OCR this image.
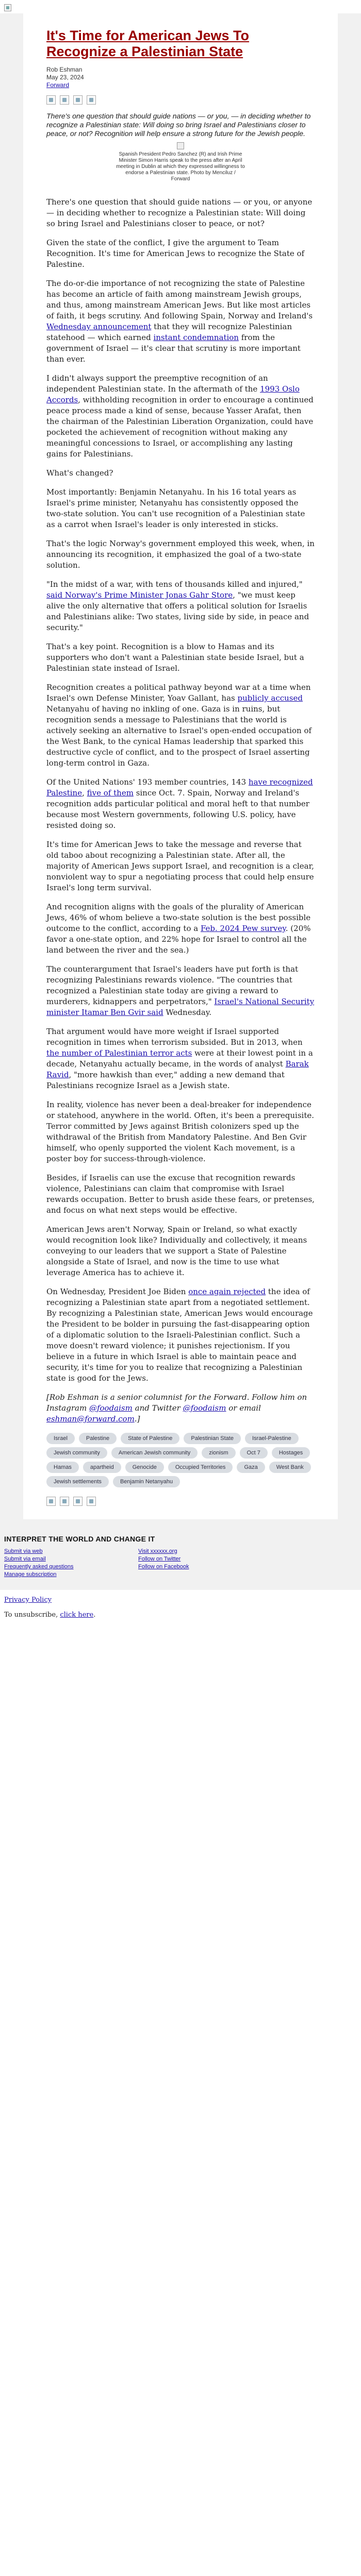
It's Time for American Jews To Recognize a Palestinian State
Rob Eshman
May 23, 2024
Forward

There's one question that should guide nations — or you, — in deciding whether to recognize a Palestinian state: Will doing so bring Israel and Palestinians closer to peace, or not? Recognition will help ensure a strong future for the Jewish people.

Spanish President Pedro Sanchez (R) and Irish Prime Minister Simon Harris speak to the press after an April meeting in Dublin at which they expressed willingness to endorse a Palestinian state. Photo by Menciluz / Forward

There's one question that should guide nations — or you, or anyone — in deciding whether to recognize a Palestinian state: Will doing so bring Israel and Palestinians closer to peace, or not?

Given the state of the conflict, I give the argument to Team Recognition. It's time for American Jews to recognize the State of Palestine.

The do-or-die importance of not recognizing the state of Palestine has become an article of faith among mainstream Jewish groups, and thus, among mainstream American Jews. But like most articles of faith, it begs scrutiny. And following Spain, Norway and Ireland's Wednesday announcement that they will recognize Palestinian statehood — which earned instant condemnation from the government of Israel — it's clear that scrutiny is more important than ever.

I didn't always support the preemptive recognition of an independent Palestinian state. In the aftermath of the 1993 Oslo Accords, withholding recognition in order to encourage a continued peace process made a kind of sense, because Yasser Arafat, then the chairman of the Palestinian Liberation Organization, could have pocketed the achievement of recognition without making any meaningful concessions to Israel, or accomplishing any lasting gains for Palestinians.

What's changed?

Most importantly: Benjamin Netanyahu. In his 16 total years as Israel's prime minister, Netanyahu has consistently opposed the two-state solution. You can't use recognition of a Palestinian state as a carrot when Israel's leader is only interested in sticks.

That's the logic Norway's government employed this week, when, in announcing its recognition, it emphasized the goal of a two-state solution.

"In the midst of a war, with tens of thousands killed and injured," said Norway's Prime Minister Jonas Gahr Store, "we must keep alive the only alternative that offers a political solution for Israelis and Palestinians alike: Two states, living side by side, in peace and security."

That's a key point. Recognition is a blow to Hamas and its supporters who don't want a Palestinian state beside Israel, but a Palestinian state instead of Israel.

Recognition creates a political pathway beyond war at a time when Israel's own Defense Minister, Yoav Gallant, has publicly accused Netanyahu of having no inkling of one. Gaza is in ruins, but recognition sends a message to Palestinians that the world is actively seeking an alternative to Israel's open-ended occupation of the West Bank, to the cynical Hamas leadership that sparked this destructive cycle of conflict, and to the prospect of Israel asserting long-term control in Gaza.

Of the United Nations' 193 member countries, 143 have recognized Palestine, five of them since Oct. 7. Spain, Norway and Ireland's recognition adds particular political and moral heft to that number because most Western governments, following U.S. policy, have resisted doing so.

It's time for American Jews to take the message and reverse that old taboo about recognizing a Palestinian state. After all, the majority of American Jews support Israel, and recognition is a clear, nonviolent way to spur a negotiating process that could help ensure Israel's long term survival.

And recognition aligns with the goals of the plurality of American Jews, 46% of whom believe a two-state solution is the best possible outcome to the conflict, according to a Feb. 2024 Pew survey. (20% favor a one-state option, and 22% hope for Israel to control all the land between the river and the sea.)

The counterargument that Israel's leaders have put forth is that recognizing Palestinians rewards violence. "The countries that recognized a Palestinian state today are giving a reward to murderers, kidnappers and perpetrators," Israel's National Security minister Itamar Ben Gvir said Wednesday.

That argument would have more weight if Israel supported recognition in times when terrorism subsided. But in 2013, when the number of Palestinian terror acts were at their lowest point in a decade, Netanyahu actually became, in the words of analyst Barak Ravid, "more hawkish than ever," adding a new demand that Palestinians recognize Israel as a Jewish state.

In reality, violence has never been a deal-breaker for independence or statehood, anywhere in the world. Often, it's been a prerequisite. Terror committed by Jews against British colonizers sped up the withdrawal of the British from Mandatory Palestine. And Ben Gvir himself, who openly supported the violent Kach movement, is a poster boy for success-through-violence.

Besides, if Israelis can use the excuse that recognition rewards violence, Palestinians can claim that compromise with Israel rewards occupation. Better to brush aside these fears, or pretenses, and focus on what next steps would be effective.

American Jews aren't Norway, Spain or Ireland, so what exactly would recognition look like? Individually and collectively, it means conveying to our leaders that we support a State of Palestine alongside a State of Israel, and now is the time to use what leverage America has to achieve it.

On Wednesday, President Joe Biden once again rejected the idea of recognizing a Palestinian state apart from a negotiated settlement. By recognizing a Palestinian state, American Jews would encourage the President to be bolder in pursuing the fast-disappearing option of a diplomatic solution to the Israeli-Palestinian conflict. Such a move doesn't reward violence; it punishes rejectionism. If you believe in a future in which Israel is able to maintain peace and security, it's time for you to realize that recognizing a Palestinian state is good for the Jews.

[Rob Eshman is a senior columnist for the Forward. Follow him on Instagram @foodaism and Twitter @foodaism or email eshman@forward.com.]

Israel	Palestine	State of Palestine	Palestinian State	Israel-Palestine
Jewish community	American Jewish community	zionism	Oct 7	Hostages
Hamas	apartheid	Genocide	Occupied Territories	Gaza	West Bank
Jewish settlements	Benjamin Netanyahu
INTERPRET THE WORLD AND CHANGE IT
Submit via web
Submit via email
Frequently asked questions
Manage subscription
Visit xxxxxx.org
Follow on Twitter
Follow on Facebook
Privacy Policy
To unsubscribe, click here.
